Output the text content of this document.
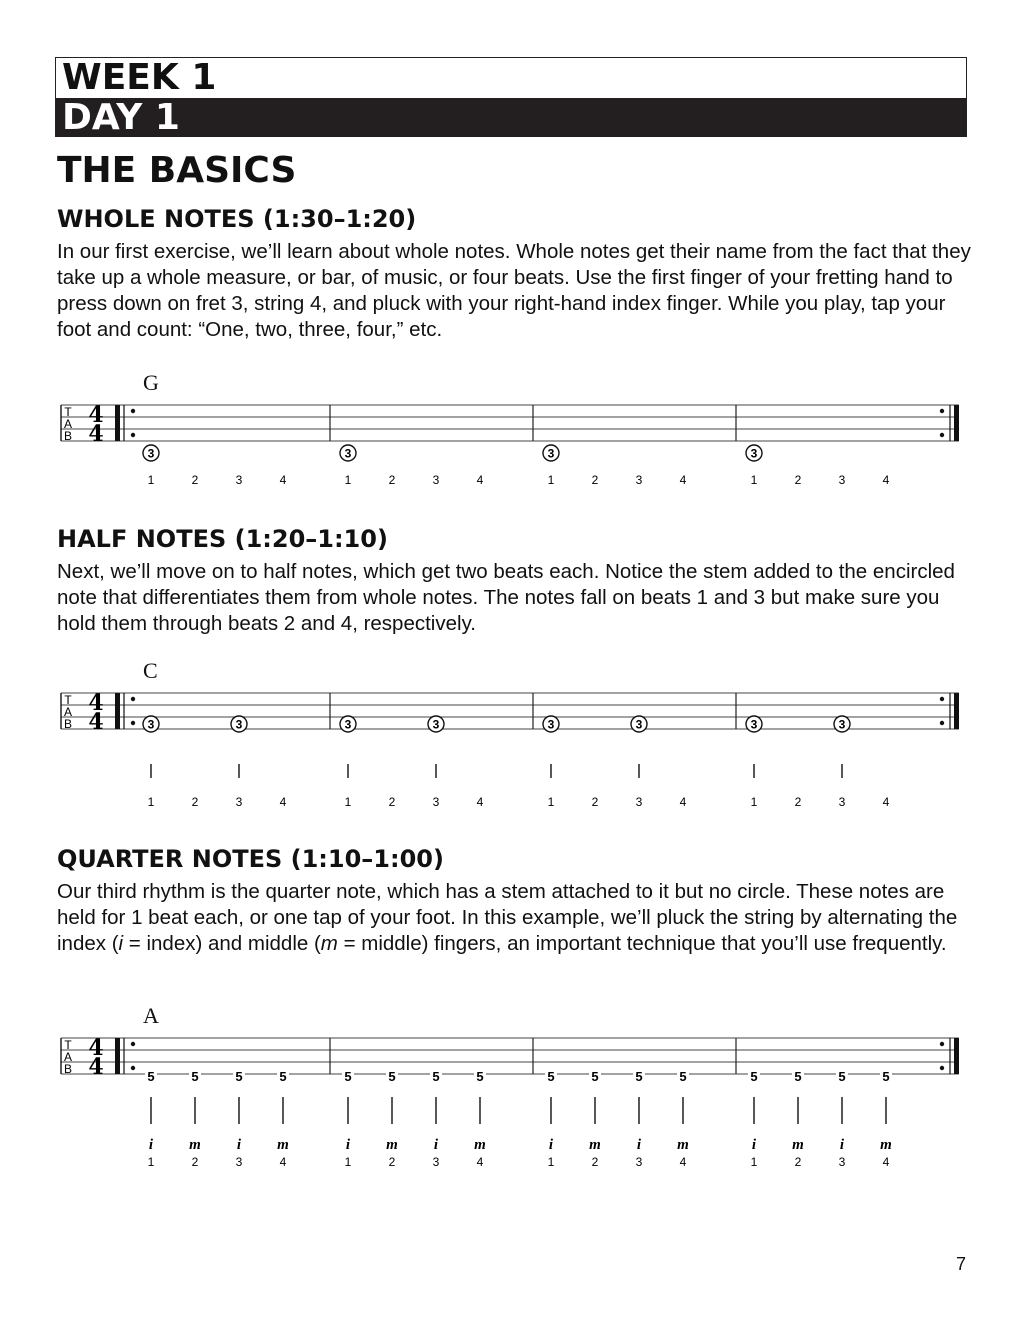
WEEK 1
DAY 1
THE BASICS
WHOLE NOTES (1:30–1:20)

In our first exercise, we’ll learn about whole notes. Whole notes get their name from the fact that they take up a whole measure, or bar, of music, or four beats. Use the first finger of your fretting hand to press down on fret 3, string 4, and pluck with your right-hand index finger. While you play, tap your foot and count: “One, two, three, four,” etc.

G
T
A
B
4
4
3
1	2	3	4
3
1	2	3	4
3
1	2	3	4
3
1	2	3	4
HALF NOTES (1:20–1:10)

Next, we’ll move on to half notes, which get two beats each. Notice the stem added to the encircled note that differentiates them from whole notes. The notes fall on beats 1 and 3 but make sure you hold them through beats 2 and 4, respectively.

C
T
A
B
4
4	3	3
1	2	3	4
3	3
1	2	3	4
3	3
1	2	3	4
3	3
1	2	3	4
QUARTER NOTES (1:10–1:00)

Our third rhythm is the quarter note, which has a stem attached to it but no circle. These notes are held for 1 beat each, or one tap of your foot. In this example, we’ll pluck the string by alternating the index (i = index) and middle (m = middle) fingers, an important technique that you’ll use frequently.

A
T
A
B
4
4	5	5	5	5
i
1
m
2
i
3
m
4
5	5	5	5
i
1
m
2
i
3
m
4
5	5	5	5
i
1
m
2
i
3
m
4
5	5	5	5
i
1
m
2
i
3
m
4
7
